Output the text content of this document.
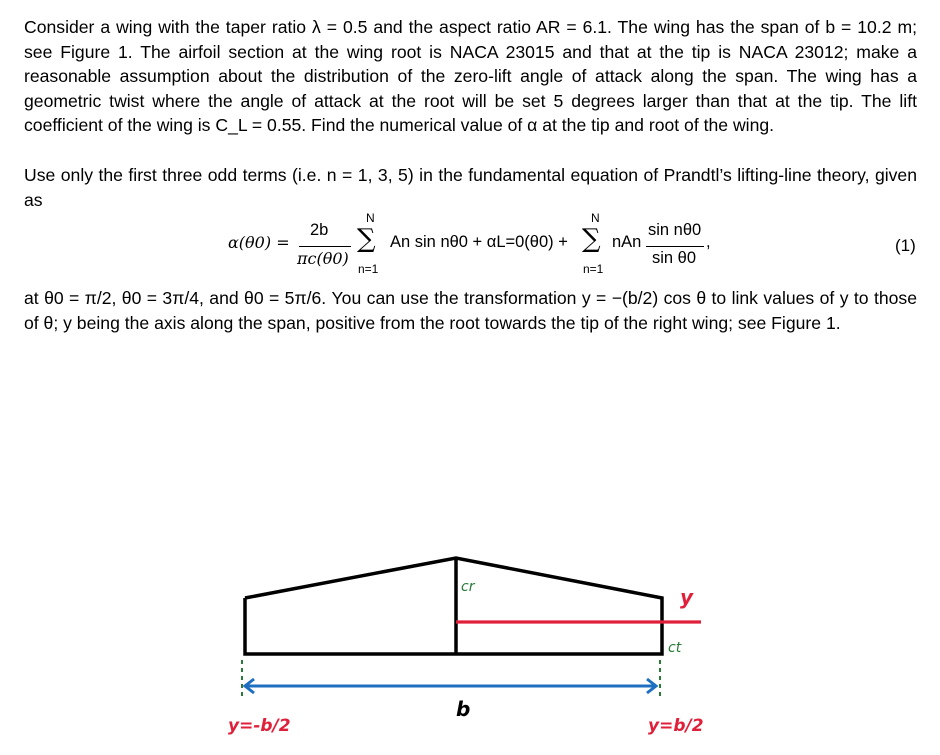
Consider a wing with the taper ratio λ = 0.5 and the aspect ratio AR = 6.1. The wing has the span of b = 10.2 m; see Figure 1. The airfoil section at the wing root is NACA 23015 and that at the tip is NACA 23012; make a reasonable assumption about the distribution of the zero-lift angle of attack along the span. The wing has a geometric twist where the angle of attack at the root will be set 5 degrees larger than that at the tip. The lift coefficient of the wing is C_L = 0.55. Find the numerical value of α at the tip and root of the wing.
Use only the first three odd terms (i.e. n = 1, 3, 5) in the fundamental equation of Prandtl’s lifting-line theory, given as
α(θ0) =
2b
πc(θ0)
N
∑
n=1
An sin nθ0 + αL=0(θ0) +
N
∑
n=1
nAn
sin nθ0
sin θ0
,	(1)
at θ0 = π/2, θ0 = 3π/4, and θ0 = 5π/6. You can use the transformation y = −(b/2) cos θ to link values of y to those of θ; y being the axis along the span, positive from the root towards the tip of the right wing; see Figure 1.
cr
ct
y
b
y=-b/2	y=b/2
